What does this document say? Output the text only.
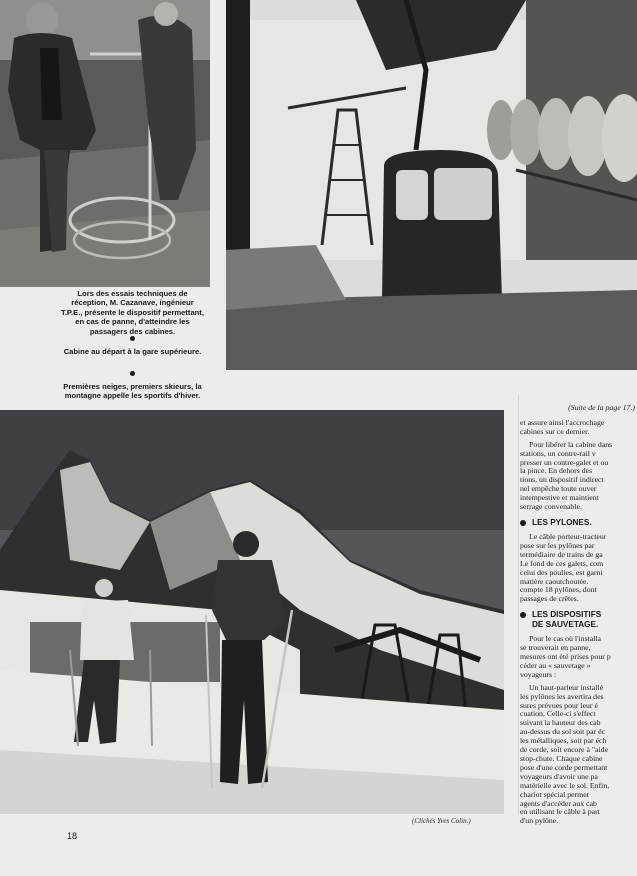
Lors des essais techniques de réception, M. Cazanave, ingénieur T.P.E., présente le dispositif permettant, en cas de panne, d'atteindre les passagers des cabines.
Cabine au départ à la gare supérieure.
Premières neiges, premiers skieurs, la montagne appelle les sportifs d'hiver.

(Suite de la page 17.)

et assure ainsi l'accrochage
cabines sur ce dernier.

Pour libérer la cabine dans
stations, un contre-rail v
presser un contre-galet et ou
la pince. En dehors des
tions, un dispositif indirect
nel empêche toute ouver
intempestive et maintient
serrage convenable.

LES PYLONES.

Le câble porteur-tracteur
pose sur les pylônes par
termédiaire de trains de ga
Le fond de ces galets, com
celui des poulies, est garni
matière caoutchoutée.
compte 18 pylônes, dont
passages de crêtes.

LES DISPOSITIFS
DE SAUVETAGE.

Pour le cas où l'installa
se trouverait en panne,
mesures ont été prises pour p
céder au « sauvetage »
voyageurs :

Un haut-parleur installé
les pylônes les avertira des
sures prévues pour leur é
cuation. Celle-ci s'effect
suivant la hauteur des cab
au-dessus du sol soit par éc
les métalliques, soit par éch
de corde, soit encore à "aide
stop-chute. Chaque cabine
pose d'une corde permettant
voyageurs d'avoir une pa
matérielle avec le sol. Enfin,
chariot spécial permet
agents d'accéder aux cab
en utilisant le câble à part
d'un pylône.

(Clichés Yves Colin.)
18
